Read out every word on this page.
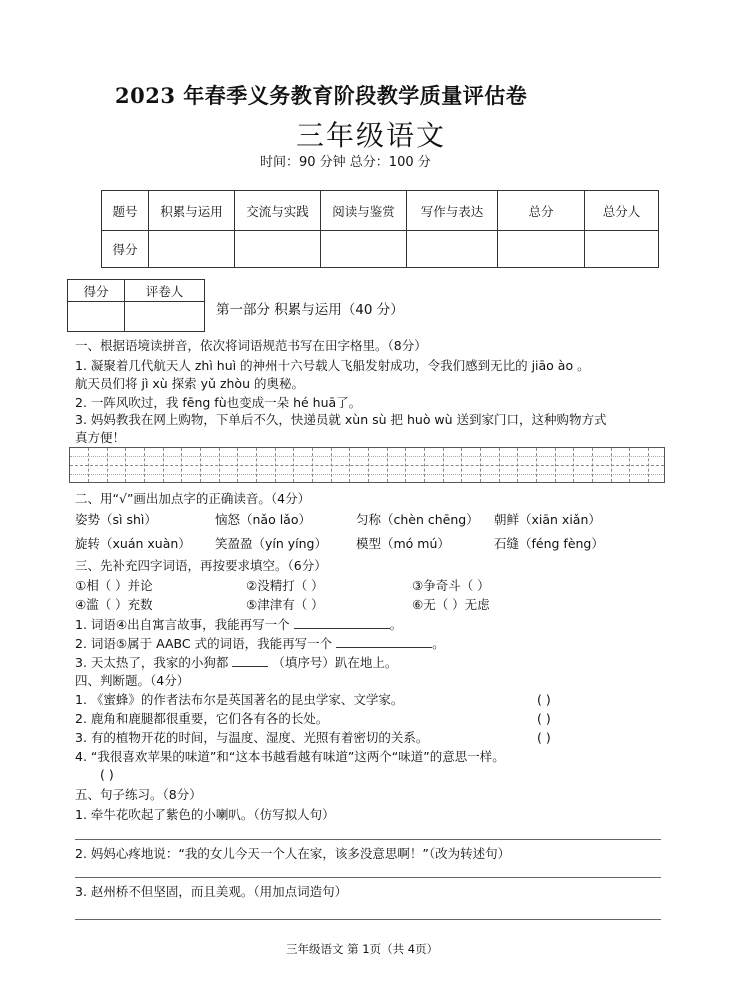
2023 年春季义务教育阶段教学质量评估卷
三年级语文
时间：90 分钟 总分：100 分
题号	积累与运用	交流与实践	阅读与鉴赏	写作与表达	总分	总分人
得分						
得分	评卷人

第一部分 积累与运用（40 分）
一、根据语境读拼音，依次将词语规范书写在田字格里。（8分）
1. 凝聚着几代航天人 zhì huì 的神州十六号载人飞船发射成功，令我们感到无比的 jiāo ào 。
航天员们将 jì xù 探索 yǔ zhòu 的奥秘。
2. 一阵风吹过，我 fēng fù也变成一朵 hé huā了。
3. 妈妈教我在网上购物，下单后不久，快递员就 xùn sù 把 huò wù 送到家门口，这种购物方式
真方便！
二、用“√”画出加点字的正确读音。（4分）
姿势（sì shì）	恼怒（nǎo lǎo）	匀称（chèn chēng） 朝鲜（xiān xiǎn）
旋转（xuán xuàn） 笑盈盈（yín yíng） 模型（mó mú）	石缝（féng fèng）
三、先补充四字词语，再按要求填空。（6分）
①相（ ）并论	②没精打（ ）	③争奇斗（ ）
④滥（ ）充数	⑤津津有（ ）	⑥无（ ）无虑
1. 词语④出自寓言故事，我能再写一个	。
2. 词语⑤属于 AABC 式的词语，我能再写一个	。
3. 天太热了，我家的小狗都	（填序号）趴在地上。
四、判断题。（4分）
1. 《蜜蜂》的作者法布尔是英国著名的昆虫学家、文学家。	( )
2. 鹿角和鹿腿都很重要，它们各有各的长处。	( )
3. 有的植物开花的时间，与温度、湿度、光照有着密切的关系。	( )
4. “我很喜欢苹果的味道”和“这本书越看越有味道”这两个“味道”的意思一样。
( )
五、句子练习。（8分）
1. 牵牛花吹起了紫色的小喇叭。（仿写拟人句）
2. 妈妈心疼地说：“我的女儿今天一个人在家，该多没意思啊！”（改为转述句）
3. 赵州桥不但坚固，而且美观。（用加点词造句）
三年级语文 第 1页（共 4页）
